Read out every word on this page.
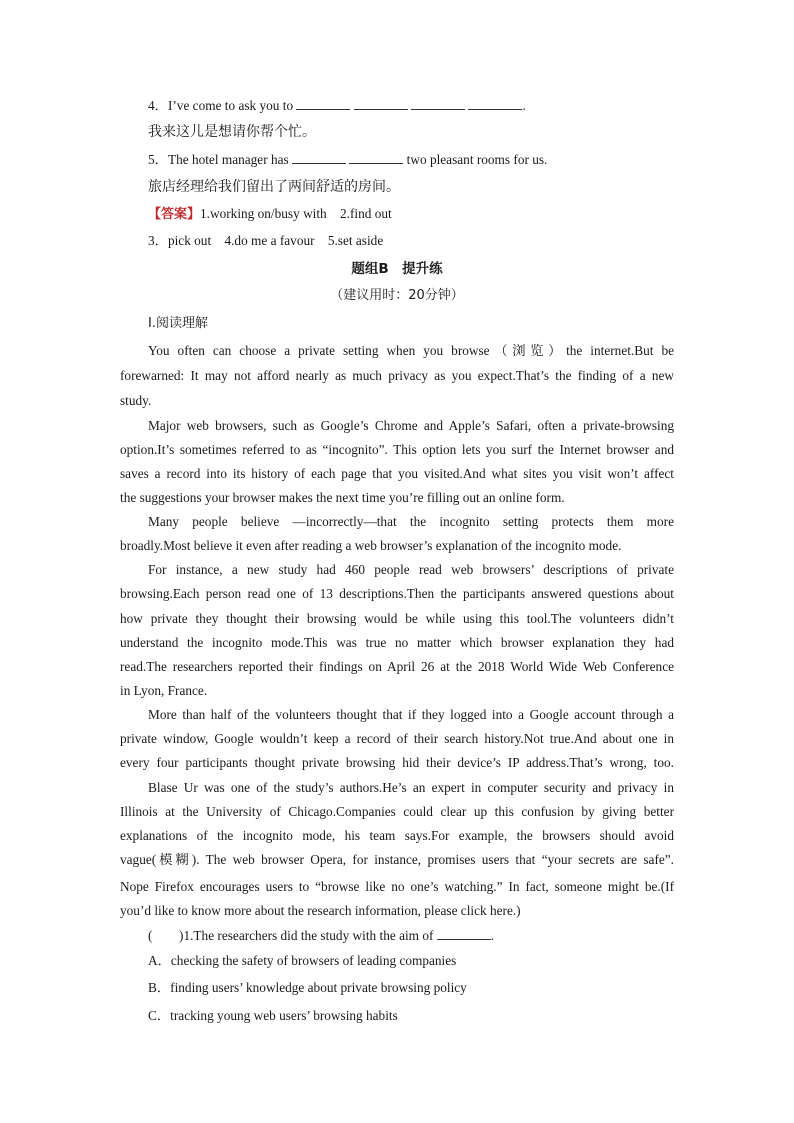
4．I’ve come to ask you to	.
我来这儿是想请你帮个忙。
5．The hotel manager has	two pleasant rooms for us.
旅店经理给我们留出了两间舒适的房间。
【答案】1.working on/busy with　2.find out
3．pick out　4.do me a favour　5.set aside
题组B　提升练
（建议用时：20分钟）
Ⅰ.阅读理解
You often can choose a private setting when you browse（浏览）the internet.But be
forewarned: It may not afford nearly as much privacy as you expect.That’s the finding of a new
study.
Major web browsers, such as Google’s Chrome and Apple’s Safari, often a private-browsing
option.It’s sometimes referred to as “incognito”. This option lets you surf the Internet browser and
saves a record into its history of each page that you visited.And what sites you visit won’t affect
the suggestions your browser makes the next time you’re filling out an online form.
Many people believe —incorrectly—that the incognito setting protects them more
broadly.Most believe it even after reading a web browser’s explanation of the incognito mode.
For instance, a new study had 460 people read web browsers’ descriptions of private
browsing.Each person read one of 13 descriptions.Then the participants answered questions about
how private they thought their browsing would be while using this tool.The volunteers didn’t
understand the incognito mode.This was true no matter which browser explanation they had
read.The researchers reported their findings on April 26 at the 2018 World Wide Web Conference
in Lyon, France.
More than half of the volunteers thought that if they logged into a Google account through a
private window, Google wouldn’t keep a record of their search history.Not true.And about one in
every four participants thought private browsing hid their device’s IP address.That’s wrong, too.
Blase Ur was one of the study’s authors.He’s an expert in computer security and privacy in
Illinois at the University of Chicago.Companies could clear up this confusion by giving better
explanations of the incognito mode, his team says.For example, the browsers should avoid
vague(模糊). The web browser Opera, for instance, promises users that “your secrets are safe”.
Nope Firefox encourages users to “browse like no one’s watching.” In fact, someone might be.(If
you’d like to know more about the research information, please click here.)
(　　)1.The researchers did the study with the aim of	.
A．checking the safety of browsers of leading companies
B．finding users’ knowledge about private browsing policy
C．tracking young web users’ browsing habits
